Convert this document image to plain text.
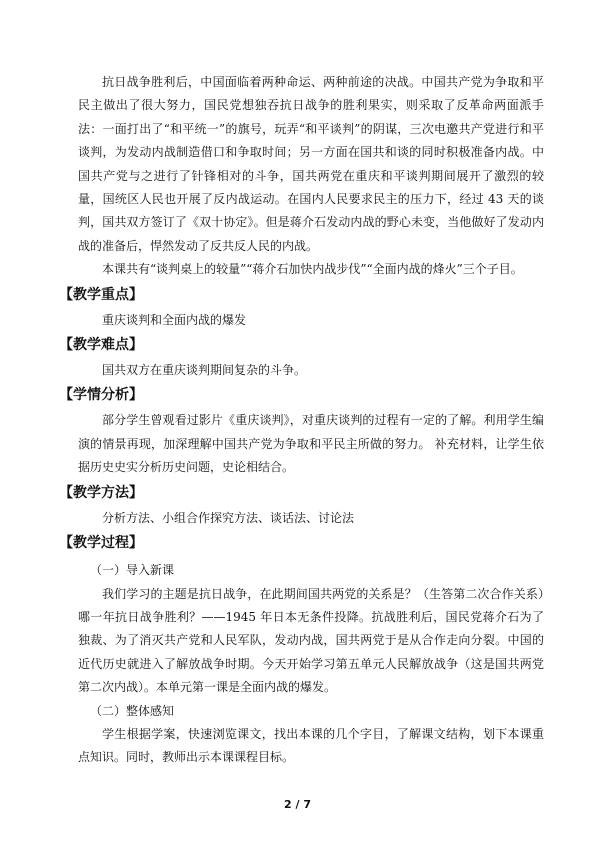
抗日战争胜利后，中国面临着两种命运、两种前途的决战。中国共产党为争取和平民主做出了很大努力，国民党想独吞抗日战争的胜利果实，则采取了反革命两面派手法：一面打出了“和平统一”的旗号，玩弄“和平谈判”的阴谋，三次电邀共产党进行和平谈判，为发动内战制造借口和争取时间；另一方面在国共和谈的同时积极准备内战。中国共产党与之进行了针锋相对的斗争，国共两党在重庆和平谈判期间展开了激烈的较量，国统区人民也开展了反内战运动。在国内人民要求民主的压力下，经过 43 天的谈判，国共双方签订了《双十协定》。但是蒋介石发动内战的野心未变，当他做好了发动内战的准备后，悍然发动了反共反人民的内战。

本课共有“谈判桌上的较量”“蒋介石加快内战步伐”“全面内战的烽火”三个子目。

【教学重点】

重庆谈判和全面内战的爆发

【教学难点】

国共双方在重庆谈判期间复杂的斗争。

【学情分析】

部分学生曾观看过影片《重庆谈判》，对重庆谈判的过程有一定的了解。利用学生编演的情景再现，加深理解中国共产党为争取和平民主所做的努力。 补充材料，让学生依据历史史实分析历史问题，史论相结合。

【教学方法】

分析方法、小组合作探究方法、谈话法、讨论法

【教学过程】

（一）导入新课

我们学习的主题是抗日战争，在此期间国共两党的关系是？（生答第二次合作关系）哪一年抗日战争胜利？——1945 年日本无条件投降。抗战胜利后，国民党蒋介石为了独裁、为了消灭共产党和人民军队，发动内战，国共两党于是从合作走向分裂。中国的近代历史就进入了解放战争时期。今天开始学习第五单元人民解放战争（这是国共两党第二次内战）。本单元第一课是全面内战的爆发。

（二）整体感知

学生根据学案，快速浏览课文，找出本课的几个字目，了解课文结构，划下本课重点知识。同时，教师出示本课课程目标。

2 / 7
